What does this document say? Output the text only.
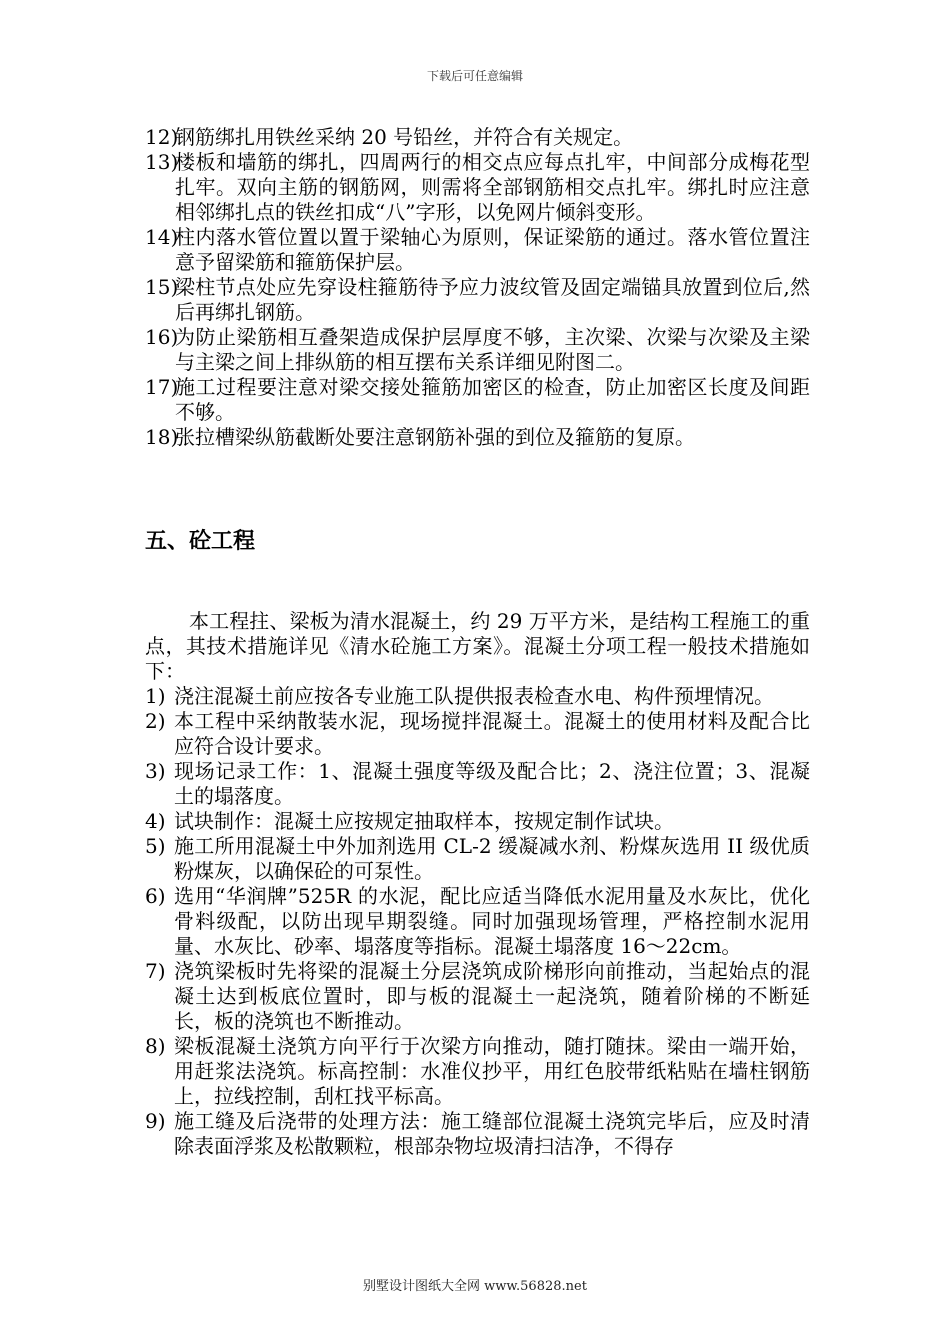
下载后可任意编辑
12)
钢筋绑扎用铁丝采纳 20 号铅丝，并符合有关规定。
13)
楼板和墙筋的绑扎，四周两行的相交点应每点扎牢，中间部分成梅花型扎牢。双向主筋的钢筋网，则需将全部钢筋相交点扎牢。绑扎时应注意相邻绑扎点的铁丝扣成“八”字形，以免网片倾斜变形。
14)
柱内落水管位置以置于梁轴心为原则，保证梁筋的通过。落水管位置注意予留梁筋和箍筋保护层。
15)
梁柱节点处应先穿设柱箍筋待予应力波纹管及固定端锚具放置到位后,然后再绑扎钢筋。
16)
为防止梁筋相互叠架造成保护层厚度不够，主次梁、次梁与次梁及主梁与主梁之间上排纵筋的相互摆布关系详细见附图二。
17)
施工过程要注意对梁交接处箍筋加密区的检查，防止加密区长度及间距不够。
18)
张拉槽梁纵筋截断处要注意钢筋补强的到位及箍筋的复原。
五、砼工程

本工程拄、梁板为清水混凝土，约 29 万平方米，是结构工程施工的重点，其技术措施详见《清水砼施工方案》。混凝土分项工程一般技术措施如下：

1) 浇注混凝土前应按各专业施工队提供报表检查水电、构件预埋情况。
2) 本工程中采纳散装水泥，现场搅拌混凝土。混凝土的使用材料及配合比应符合设计要求。
3) 现场记录工作：1、混凝土强度等级及配合比；2、浇注位置；3、混凝土的塌落度。
4) 试块制作：混凝土应按规定抽取样本，按规定制作试块。
5) 施工所用混凝土中外加剂选用 CL-2 缓凝减水剂、粉煤灰选用 II 级优质粉煤灰，以确保砼的可泵性。
6) 选用“华润牌”525R 的水泥，配比应适当降低水泥用量及水灰比，优化骨料级配，以防出现早期裂缝。同时加强现场管理，严格控制水泥用量、水灰比、砂率、塌落度等指标。混凝土塌落度 16～22cm。
7) 浇筑梁板时先将梁的混凝土分层浇筑成阶梯形向前推动，当起始点的混凝土达到板底位置时，即与板的混凝土一起浇筑，随着阶梯的不断延长，板的浇筑也不断推动。
8) 梁板混凝土浇筑方向平行于次梁方向推动，随打随抹。梁由一端开始，用赶浆法浇筑。标高控制：水准仪抄平，用红色胶带纸粘贴在墙柱钢筋上，拉线控制，刮杠找平标高。
9) 施工缝及后浇带的处理方法：施工缝部位混凝土浇筑完毕后，应及时清除表面浮浆及松散颗粒，根部杂物垃圾清扫洁净，不得存
别墅设计图纸大全网 www.56828.net
